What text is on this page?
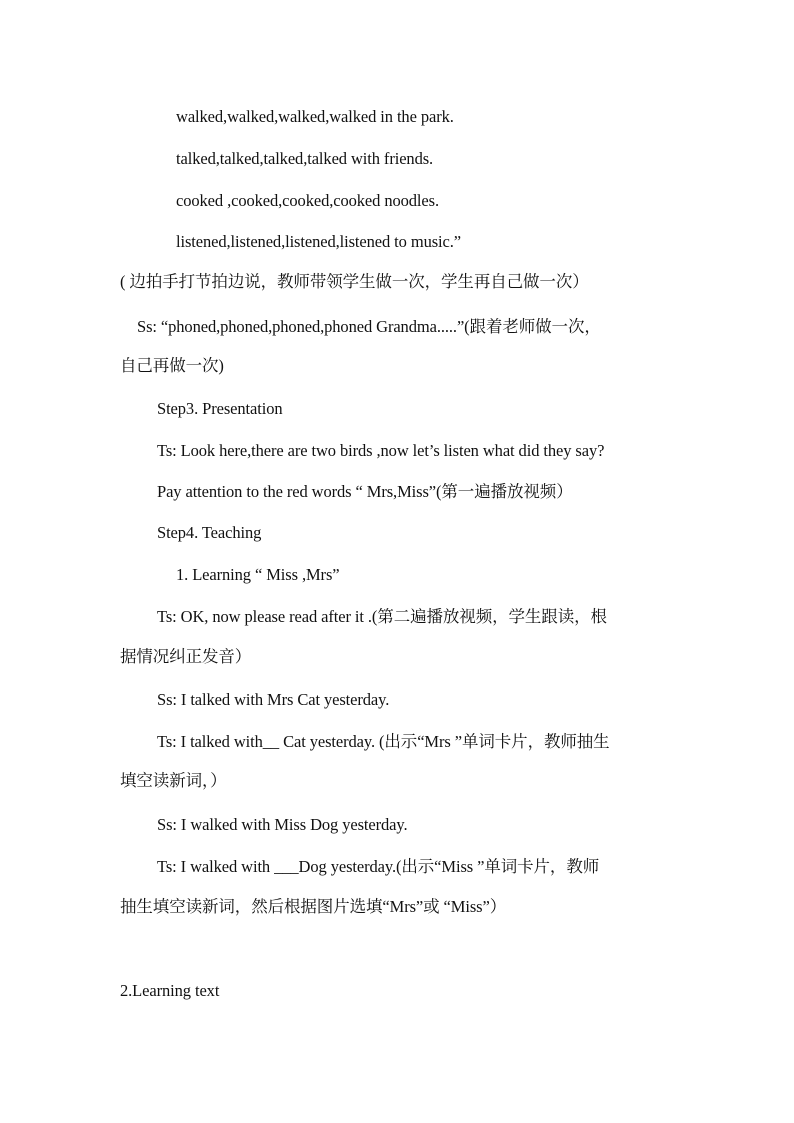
walked,walked,walked,walked in the park.
talked,talked,talked,talked with friends.
cooked ,cooked,cooked,cooked noodles.
listened,listened,listened,listened to music.”
( 边拍手打节拍边说，教师带领学生做一次，学生再自己做一次）
Ss: “phoned,phoned,phoned,phoned Grandma.....”(跟着老师做一次，
自己再做一次)
Step3. Presentation
Ts: Look here,there are two birds ,now let’s listen what did they say?
Pay attention to the red words “ Mrs,Miss”(第一遍播放视频）
Step4. Teaching
1. Learning “ Miss ,Mrs”
Ts: OK, now please read after it .(第二遍播放视频，学生跟读，根
据情况纠正发音）
Ss: I talked with Mrs Cat yesterday.
Ts: I talked with__ Cat yesterday. (出示“Mrs ”单词卡片，教师抽生
填空读新词，）
Ss: I walked with Miss Dog yesterday.
Ts: I walked with ___Dog yesterday.(出示“Miss ”单词卡片，教师
抽生填空读新词，然后根据图片选填“Mrs”或 “Miss”）
2.Learning text
